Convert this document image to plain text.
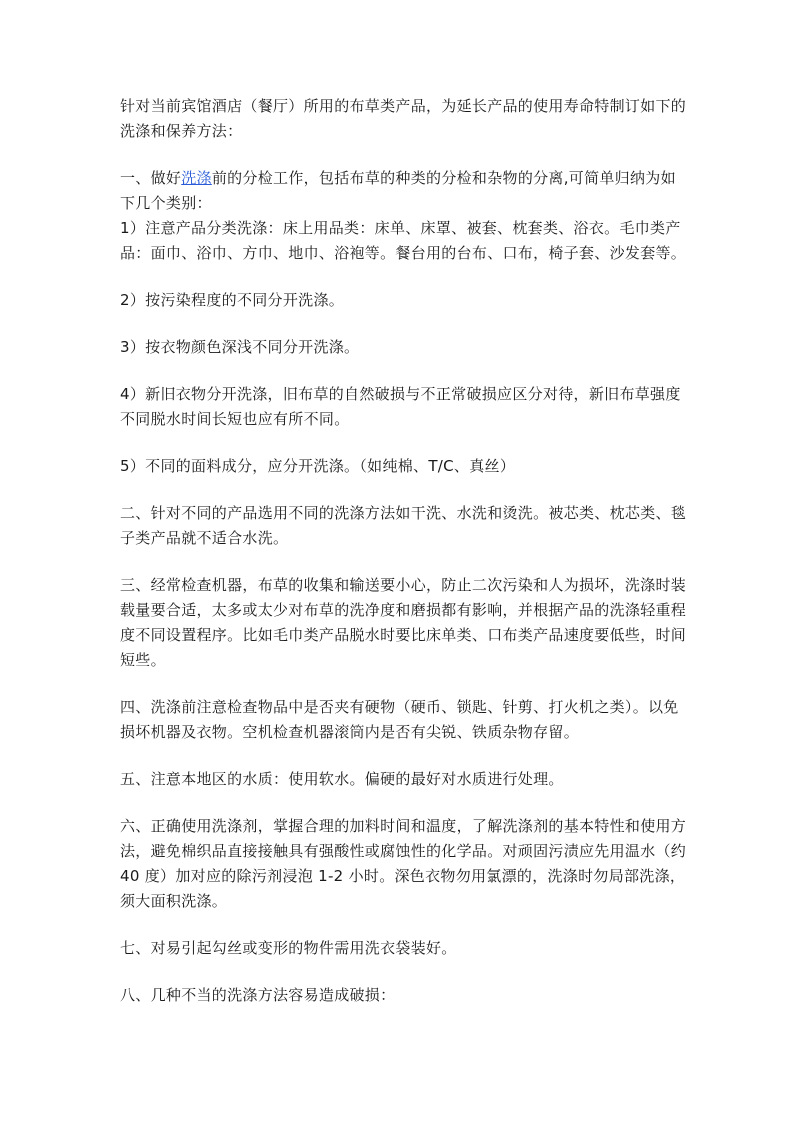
针对当前宾馆酒店（餐厅）所用的布草类产品，为延长产品的使用寿命特制订如下的洗涤和保养方法：

一、做好洗涤前的分检工作，包括布草的种类的分检和杂物的分离,可简单归纳为如下几个类别：

1）注意产品分类洗涤：床上用品类：床单、床罩、被套、枕套类、浴衣。毛巾类产品：面巾、浴巾、方巾、地巾、浴袍等。餐台用的台布、口布，椅子套、沙发套等。

2）按污染程度的不同分开洗涤。

3）按衣物颜色深浅不同分开洗涤。

4）新旧衣物分开洗涤，旧布草的自然破损与不正常破损应区分对待，新旧布草强度不同脱水时间长短也应有所不同。

5）不同的面料成分，应分开洗涤。（如纯棉、T/C、真丝）

二、针对不同的产品选用不同的洗涤方法如干洗、水洗和烫洗。被芯类、枕芯类、毯子类产品就不适合水洗。

三、经常检查机器，布草的收集和输送要小心，防止二次污染和人为损坏，洗涤时装载量要合适，太多或太少对布草的洗净度和磨损都有影响，并根据产品的洗涤轻重程度不同设置程序。比如毛巾类产品脱水时要比床单类、口布类产品速度要低些，时间短些。

四、洗涤前注意检查物品中是否夹有硬物（硬币、锁匙、针剪、打火机之类）。以免损坏机器及衣物。空机检查机器滚筒内是否有尖锐、铁质杂物存留。

五、注意本地区的水质：使用软水。偏硬的最好对水质进行处理。

六、正确使用洗涤剂，掌握合理的加料时间和温度，了解洗涤剂的基本特性和使用方法，避免棉织品直接接触具有强酸性或腐蚀性的化学品。对顽固污渍应先用温水（约 40 度）加对应的除污剂浸泡 1-2 小时。深色衣物勿用氯漂的，洗涤时勿局部洗涤，须大面积洗涤。

七、对易引起勾丝或变形的物件需用洗衣袋装好。

八、几种不当的洗涤方法容易造成破损：
